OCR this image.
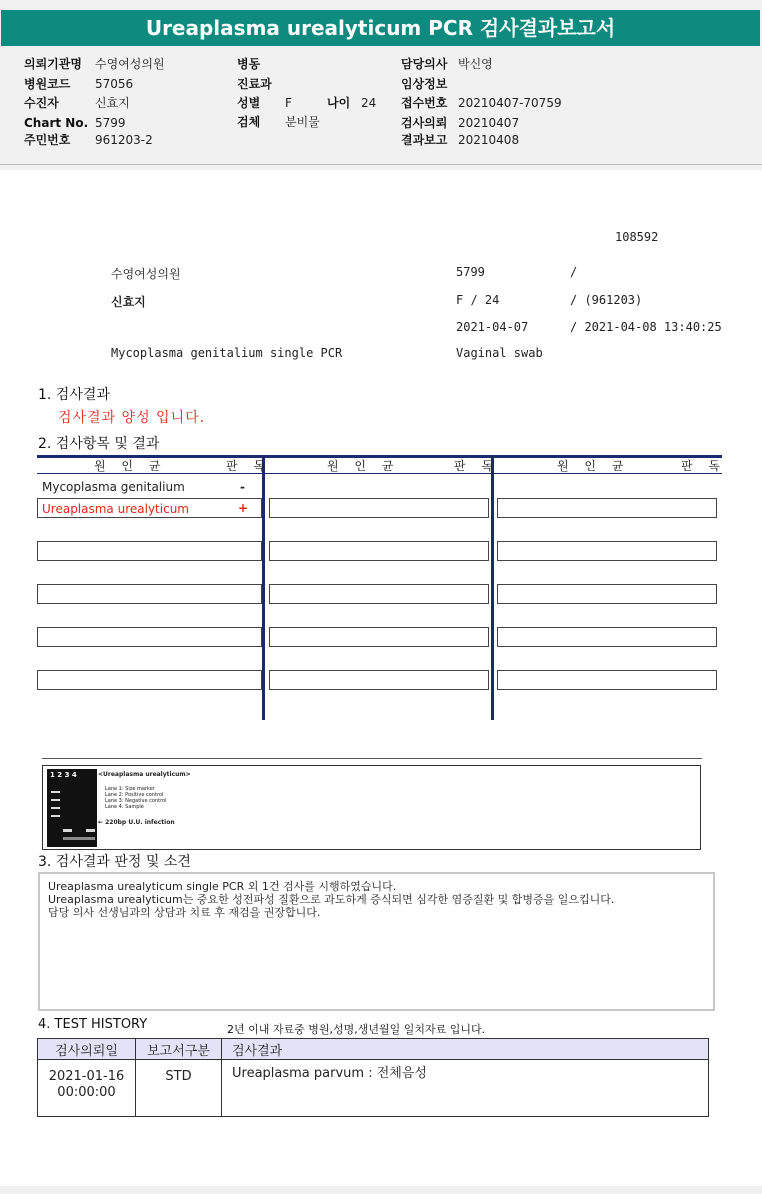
Ureaplasma urealyticum PCR 검사결과보고서
의뢰기관명 수영여성의원
병원코드 57056
수진자	신효지
Chart No. 5799
주민번호 961203-2
병동
진료과
성별 F	나이 24
검체 분비물
담당의사 박신영
임상정보
접수번호 20210407-70759
검사의뢰 20210407
결과보고 20210408
108592
수영여성의원	5799	/
신효지	F / 24	/ (961203)
2021-04-07	/ 2021-04-08 13:40:25
Mycoplasma genitalium single PCR	Vaginal swab
1. 검사결과
검사결과 양성 입니다.
2. 검사항목 및 결과
원 인 균	판 독	원 인 균	판 독	원 인 균	판 독
Mycoplasma genitalium	-
Ureaplasma urealyticum	+
1 2 3 4	<Ureaplasma urealyticum>
Lane 1: Size marker
Lane 2: Positive control
Lane 3: Negative control
Lane 4: Sample
← 220bp U.U. infection
3. 검사결과 판정 및 소견
Ureaplasma urealyticum single PCR 외 1건 검사를 시행하였습니다.
Ureaplasma urealyticum는 중요한 성전파성 질환으로 과도하게 증식되면 심각한 염증질환 및 합병증을 일으킵니다.
담당 의사 선생님과의 상담과 치료 후 재검을 권장합니다.
4. TEST HISTORY	2년 이내 자료중 병원,성명,생년월일 일치자료 입니다.
검사의뢰일	보고서구분	검사결과

2021-01-16
00:00:00	STD	Ureaplasma parvum : 전체음성
